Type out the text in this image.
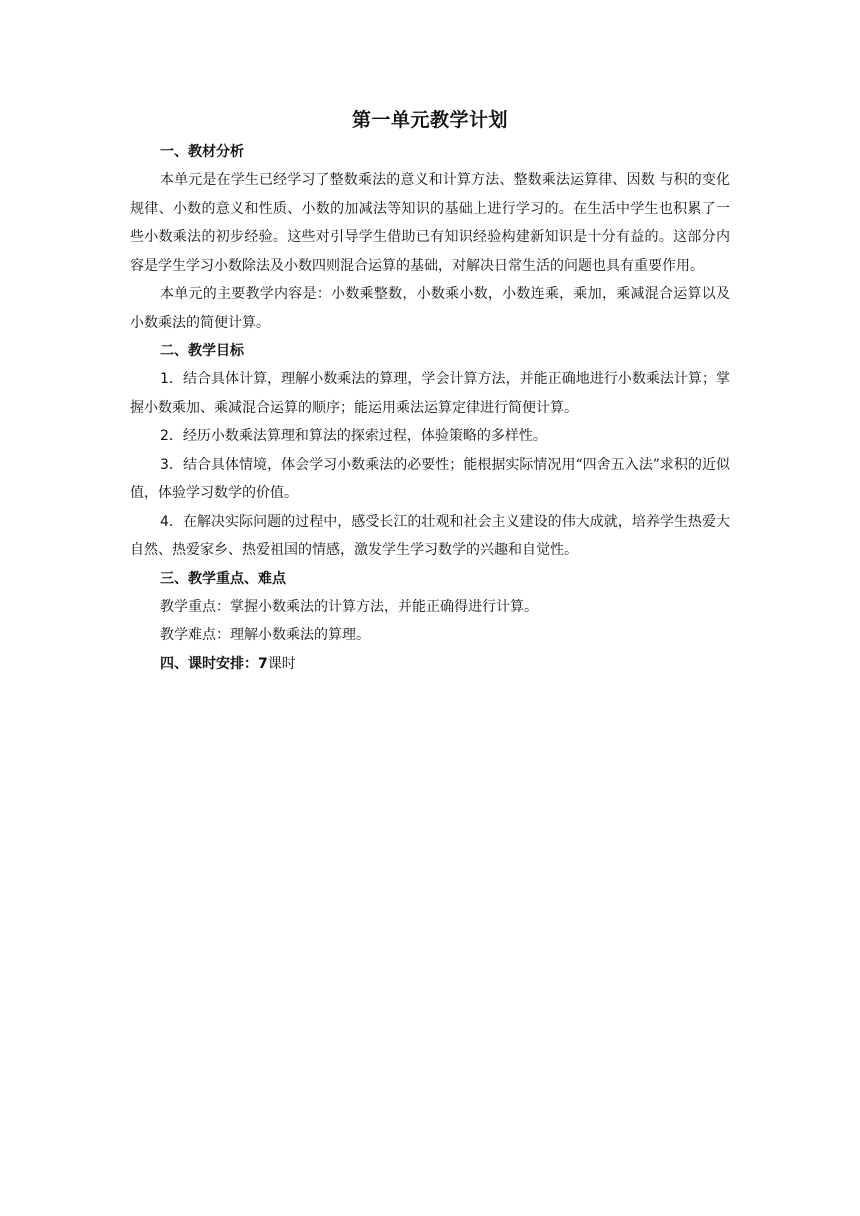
第一单元教学计划

一、教材分析

本单元是在学生已经学习了整数乘法的意义和计算方法、整数乘法运算律、因数 与积的变化规律、小数的意义和性质、小数的加减法等知识的基础上进行学习的。在生活中学生也积累了一些小数乘法的初步经验。这些对引导学生借助已有知识经验构建新知识是十分有益的。这部分内容是学生学习小数除法及小数四则混合运算的基础，对解决日常生活的问题也具有重要作用。

本单元的主要教学内容是：小数乘整数，小数乘小数，小数连乘，乘加，乘减混合运算以及小数乘法的简便计算。

二、教学目标

1．结合具体计算，理解小数乘法的算理，学会计算方法，并能正确地进行小数乘法计算；掌握小数乘加、乘减混合运算的顺序；能运用乘法运算定律进行简便计算。

2．经历小数乘法算理和算法的探索过程，体验策略的多样性。

3．结合具体情境，体会学习小数乘法的必要性；能根据实际情况用“四舍五入法”求积的近似值，体验学习数学的价值。

4．在解决实际问题的过程中，感受长江的壮观和社会主义建设的伟大成就，培养学生热爱大自然、热爱家乡、热爱祖国的情感，激发学生学习数学的兴趣和自觉性。

三、教学重点、难点

教学重点：掌握小数乘法的计算方法，并能正确得进行计算。

教学难点：理解小数乘法的算理。

四、课时安排：7课时
